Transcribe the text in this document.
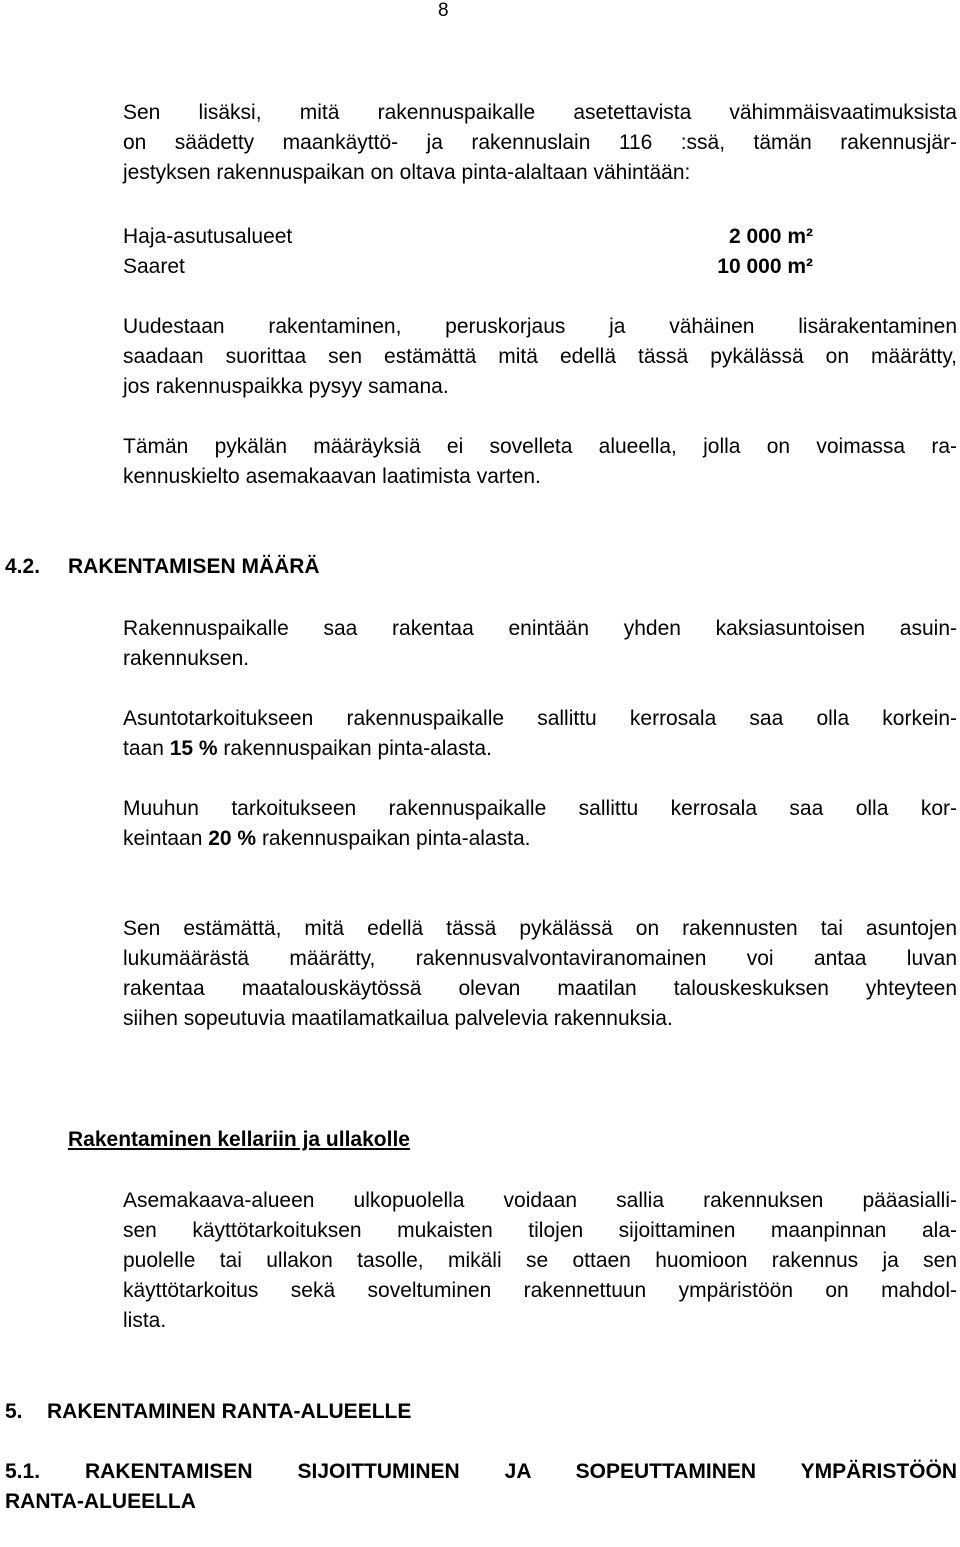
8
Sen lisäksi, mitä rakennuspaikalle asetettavista vähimmäisvaatimuksista
on säädetty maankäyttö- ja rakennuslain 116 :ssä, tämän rakennusjär-
jestyksen rakennuspaikan on oltava pinta-alaltaan vähintään:
Haja-asutusalueet	2 000 m²
Saaret	10 000 m²
Uudestaan rakentaminen, peruskorjaus ja vähäinen lisärakentaminen
saadaan suorittaa sen estämättä mitä edellä tässä pykälässä on määrätty,
jos rakennuspaikka pysyy samana.
Tämän pykälän määräyksiä ei sovelleta alueella, jolla on voimassa ra-
kennuskielto asemakaavan laatimista varten.
4.2. RAKENTAMISEN MÄÄRÄ
Rakennuspaikalle saa rakentaa enintään yhden kaksiasuntoisen asuin-
rakennuksen.
Asuntotarkoitukseen rakennuspaikalle sallittu kerrosala saa olla korkein-
taan 15 % rakennuspaikan pinta-alasta.
Muuhun tarkoitukseen rakennuspaikalle sallittu kerrosala saa olla kor-
keintaan 20 % rakennuspaikan pinta-alasta.
Sen estämättä, mitä edellä tässä pykälässä on rakennusten tai asuntojen
lukumäärästä määrätty, rakennusvalvontaviranomainen voi antaa luvan
rakentaa maatalouskäytössä olevan maatilan talouskeskuksen yhteyteen
siihen sopeutuvia maatilamatkailua palvelevia rakennuksia.
Rakentaminen kellariin ja ullakolle
Asemakaava-alueen ulkopuolella voidaan sallia rakennuksen pääasialli-
sen käyttötarkoituksen mukaisten tilojen sijoittaminen maanpinnan ala-
puolelle tai ullakon tasolle, mikäli se ottaen huomioon rakennus ja sen
käyttötarkoitus sekä soveltuminen rakennettuun ympäristöön on mahdol-
lista.
5. RAKENTAMINEN RANTA-ALUEELLE
5.1. RAKENTAMISEN SIJOITTUMINEN JA SOPEUTTAMINEN YMPÄRISTÖÖN
RANTA-ALUEELLA
